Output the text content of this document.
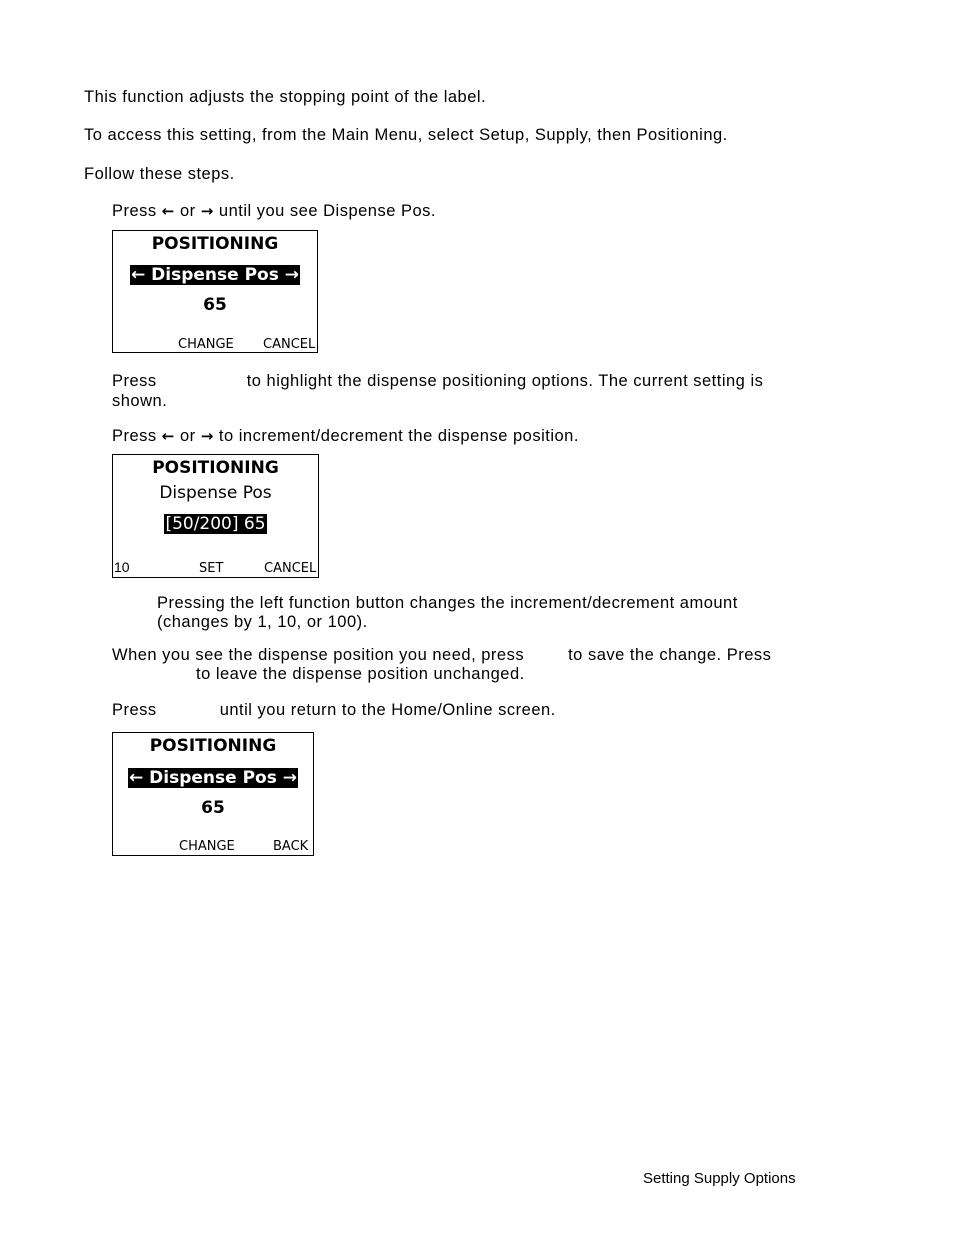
This function adjusts the stopping point of the label.
To access this setting, from the Main Menu, select Setup, Supply, then Positioning.
Follow these steps.
Press ← or → until you see Dispense Pos.
POSITIONING
← Dispense Pos →
65
CHANGE CANCEL
Press	to highlight the dispense positioning options. The current setting is
shown.
Press ← or → to increment/decrement the dispense position.
POSITIONING
Dispense Pos
[50/200] 65
10	SET	CANCEL
Pressing the left function button changes the increment/decrement amount
(changes by 1, 10, or 100).
When you see the dispense position you need, press	to save the change. Press
to leave the dispense position unchanged.
Press	until you return to the Home/Online screen.
POSITIONING
← Dispense Pos →
65
CHANGE	BACK
Setting Supply Options
